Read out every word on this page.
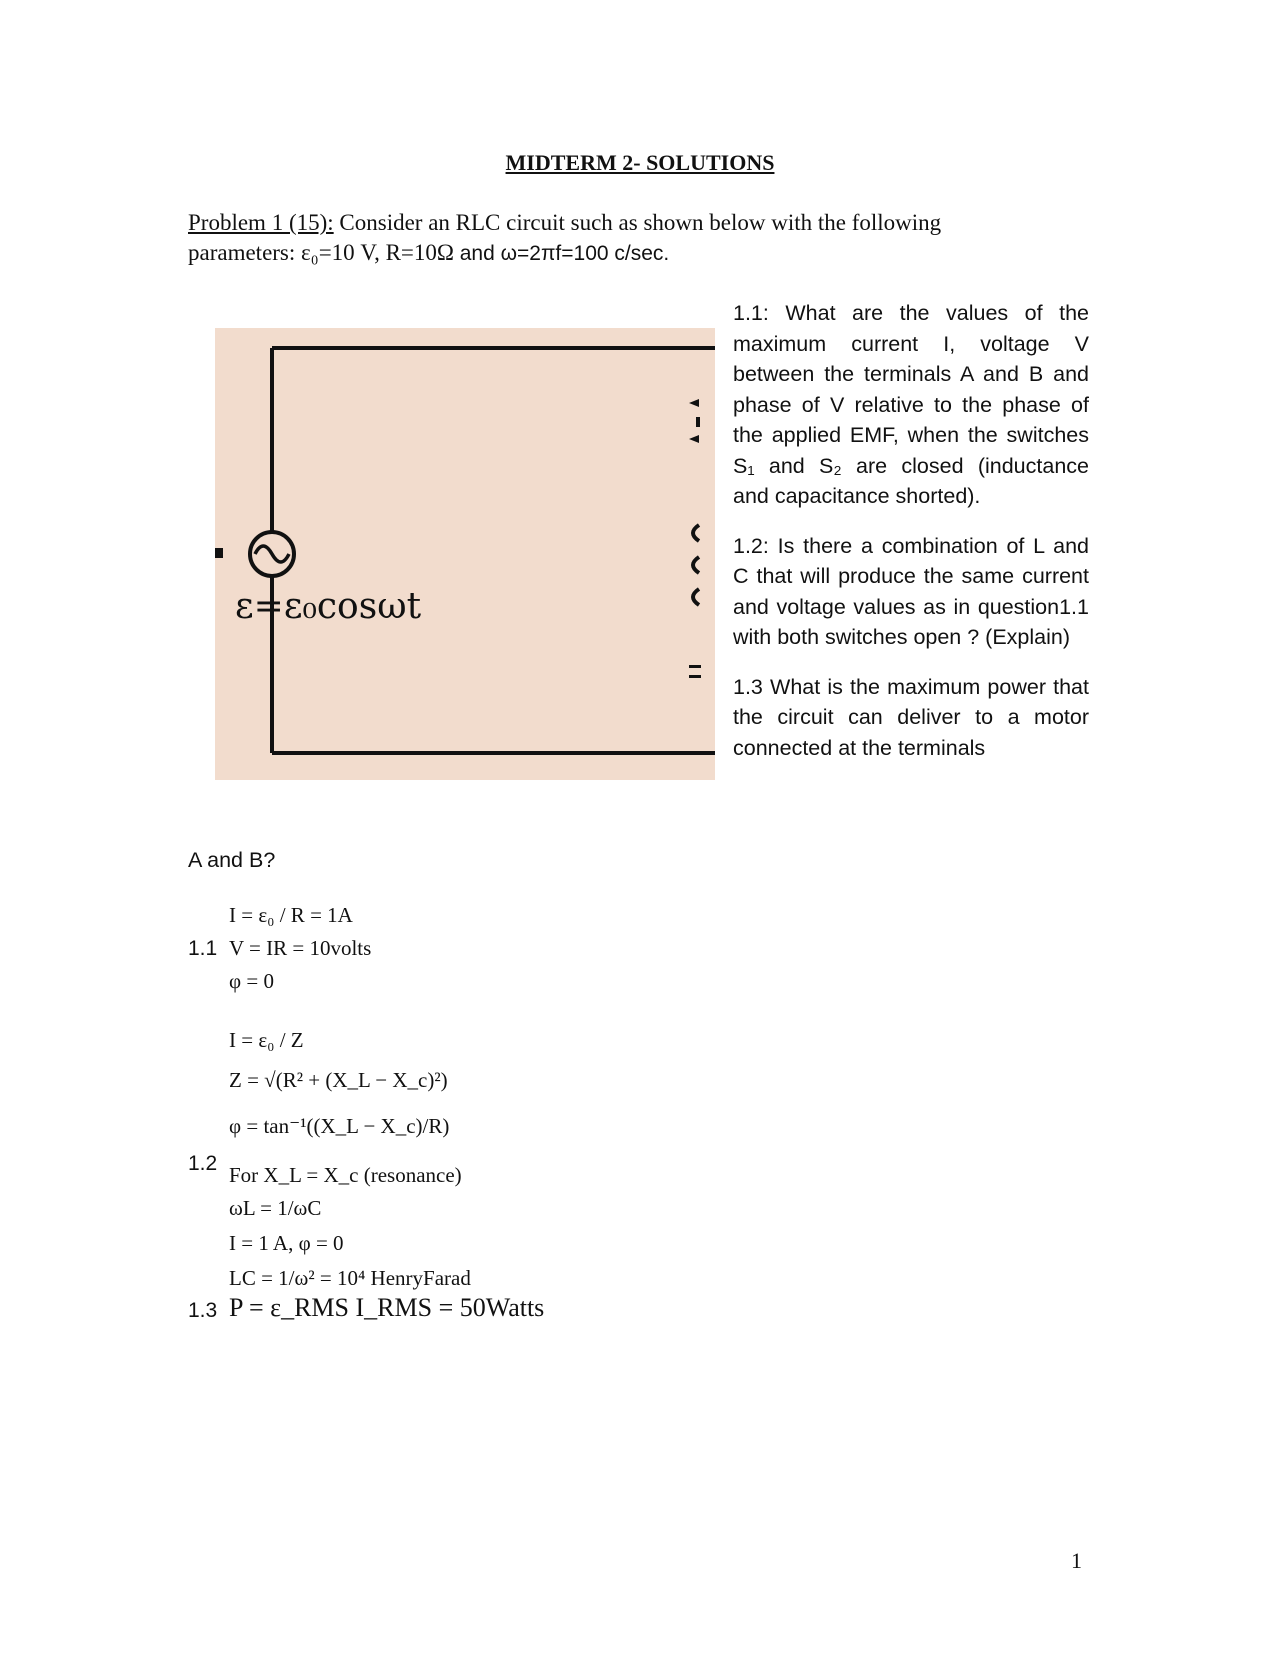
MIDTERM 2- SOLUTIONS
Problem 1 (15): Consider an RLC circuit such as shown below with the following
parameters: ε₀=10 V, R=10Ω and ω=2πf=100 c/sec.
ε=ε₀cosωt

1.1: What are the values of the maximum current I, voltage V between the terminals A and B and phase of V relative to the phase of the applied EMF, when the switches S₁ and S₂ are closed (inductance and capacitance shorted).

1.2: Is there a combination of L and C that will produce the same current and voltage values as in question1.1 with both switches open ? (Explain)

1.3 What is the maximum power that the circuit can deliver to a motor connected at the terminals

A and B?
I = ε₀ / R = 1A
1.1 V = IR = 10volts
φ = 0
I = ε₀ / Z
Z = √(R² + (X_L − X_c)²)
φ = tan⁻¹((X_L − X_c)/R)
1.2 For X_L = X_c (resonance)
ωL = 1/ωC
I = 1 A, φ = 0
LC = 1/ω² = 10⁴ HenryFarad
1.3 P = ε_RMS I_RMS = 50Watts
1
